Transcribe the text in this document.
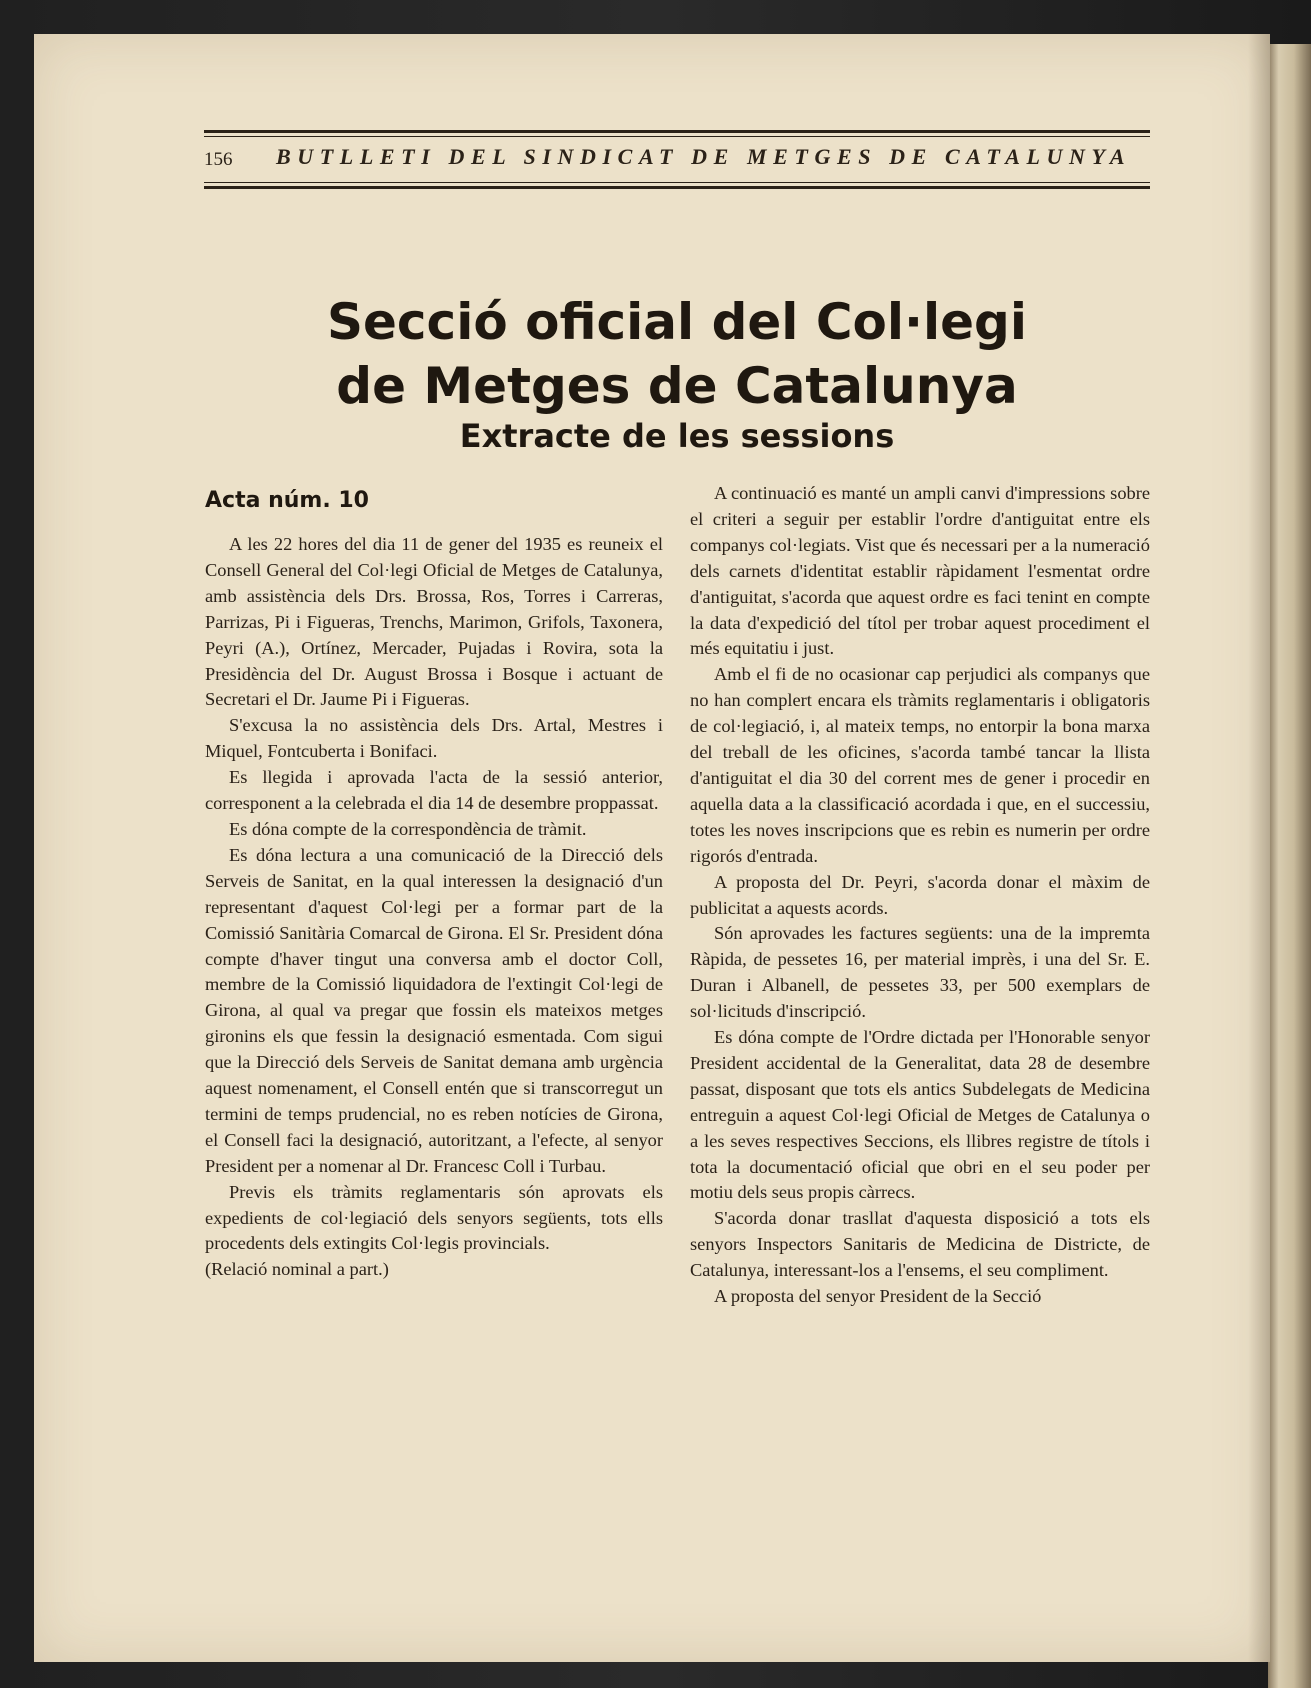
156 BUTLLETI DEL SINDICAT DE METGES DE CATALUNYA
Secció oficial del Col·legi
de Metges de Catalunya
Extracte de les sessions
Acta núm. 10

A les 22 hores del dia 11 de gener del 1935 es reuneix el Consell General del Col·legi Oficial de Metges de Catalunya, amb assistència dels Drs. Brossa, Ros, Torres i Carreras, Parrizas, Pi i Figueras, Trenchs, Marimon, Grifols, Taxonera, Peyri (A.), Ortínez, Mercader, Pujadas i Rovira, sota la Presidència del Dr. August Brossa i Bosque i actuant de Secretari el Dr. Jaume Pi i Figueras.

S'excusa la no assistència dels Drs. Artal, Mestres i Miquel, Fontcuberta i Bonifaci.

Es llegida i aprovada l'acta de la sessió anterior, corresponent a la celebrada el dia 14 de desembre proppassat.

Es dóna compte de la correspondència de tràmit.

Es dóna lectura a una comunicació de la Direcció dels Serveis de Sanitat, en la qual interessen la designació d'un representant d'aquest Col·legi per a formar part de la Comissió Sanitària Comarcal de Girona. El Sr. President dóna compte d'haver tingut una conversa amb el doctor Coll, membre de la Comissió liquidadora de l'extingit Col·legi de Girona, al qual va pregar que fossin els mateixos metges gironins els que fessin la designació esmentada. Com sigui que la Direcció dels Serveis de Sanitat demana amb urgència aquest nomenament, el Consell entén que si transcorregut un termini de temps prudencial, no es reben notícies de Girona, el Consell faci la designació, autoritzant, a l'efecte, al senyor President per a nomenar al Dr. Francesc Coll i Turbau.

Previs els tràmits reglamentaris són aprovats els expedients de col·legiació dels senyors següents, tots ells procedents dels extingits Col·legis provincials.

(Relació nominal a part.)

A continuació es manté un ampli canvi d'impressions sobre el criteri a seguir per establir l'ordre d'antiguitat entre els companys col·legiats. Vist que és necessari per a la numeració dels carnets d'identitat establir ràpidament l'esmentat ordre d'antiguitat, s'acorda que aquest ordre es faci tenint en compte la data d'expedició del títol per trobar aquest procediment el més equitatiu i just.

Amb el fi de no ocasionar cap perjudici als companys que no han complert encara els tràmits reglamentaris i obligatoris de col·legiació, i, al mateix temps, no entorpir la bona marxa del treball de les oficines, s'acorda també tancar la llista d'antiguitat el dia 30 del corrent mes de gener i procedir en aquella data a la classificació acordada i que, en el successiu, totes les noves inscripcions que es rebin es numerin per ordre rigorós d'entrada.

A proposta del Dr. Peyri, s'acorda donar el màxim de publicitat a aquests acords.

Són aprovades les factures següents: una de la impremta Ràpida, de pessetes 16, per material imprès, i una del Sr. E. Duran i Albanell, de pessetes 33, per 500 exemplars de sol·licituds d'inscripció.

Es dóna compte de l'Ordre dictada per l'Honorable senyor President accidental de la Generalitat, data 28 de desembre passat, disposant que tots els antics Subdelegats de Medicina entreguin a aquest Col·legi Oficial de Metges de Catalunya o a les seves respectives Seccions, els llibres registre de títols i tota la documentació oficial que obri en el seu poder per motiu dels seus propis càrrecs.

S'acorda donar trasllat d'aquesta disposició a tots els senyors Inspectors Sanitaris de Medicina de Districte, de Catalunya, interessant-los a l'ensems, el seu compliment.

A proposta del senyor President de la Secció
